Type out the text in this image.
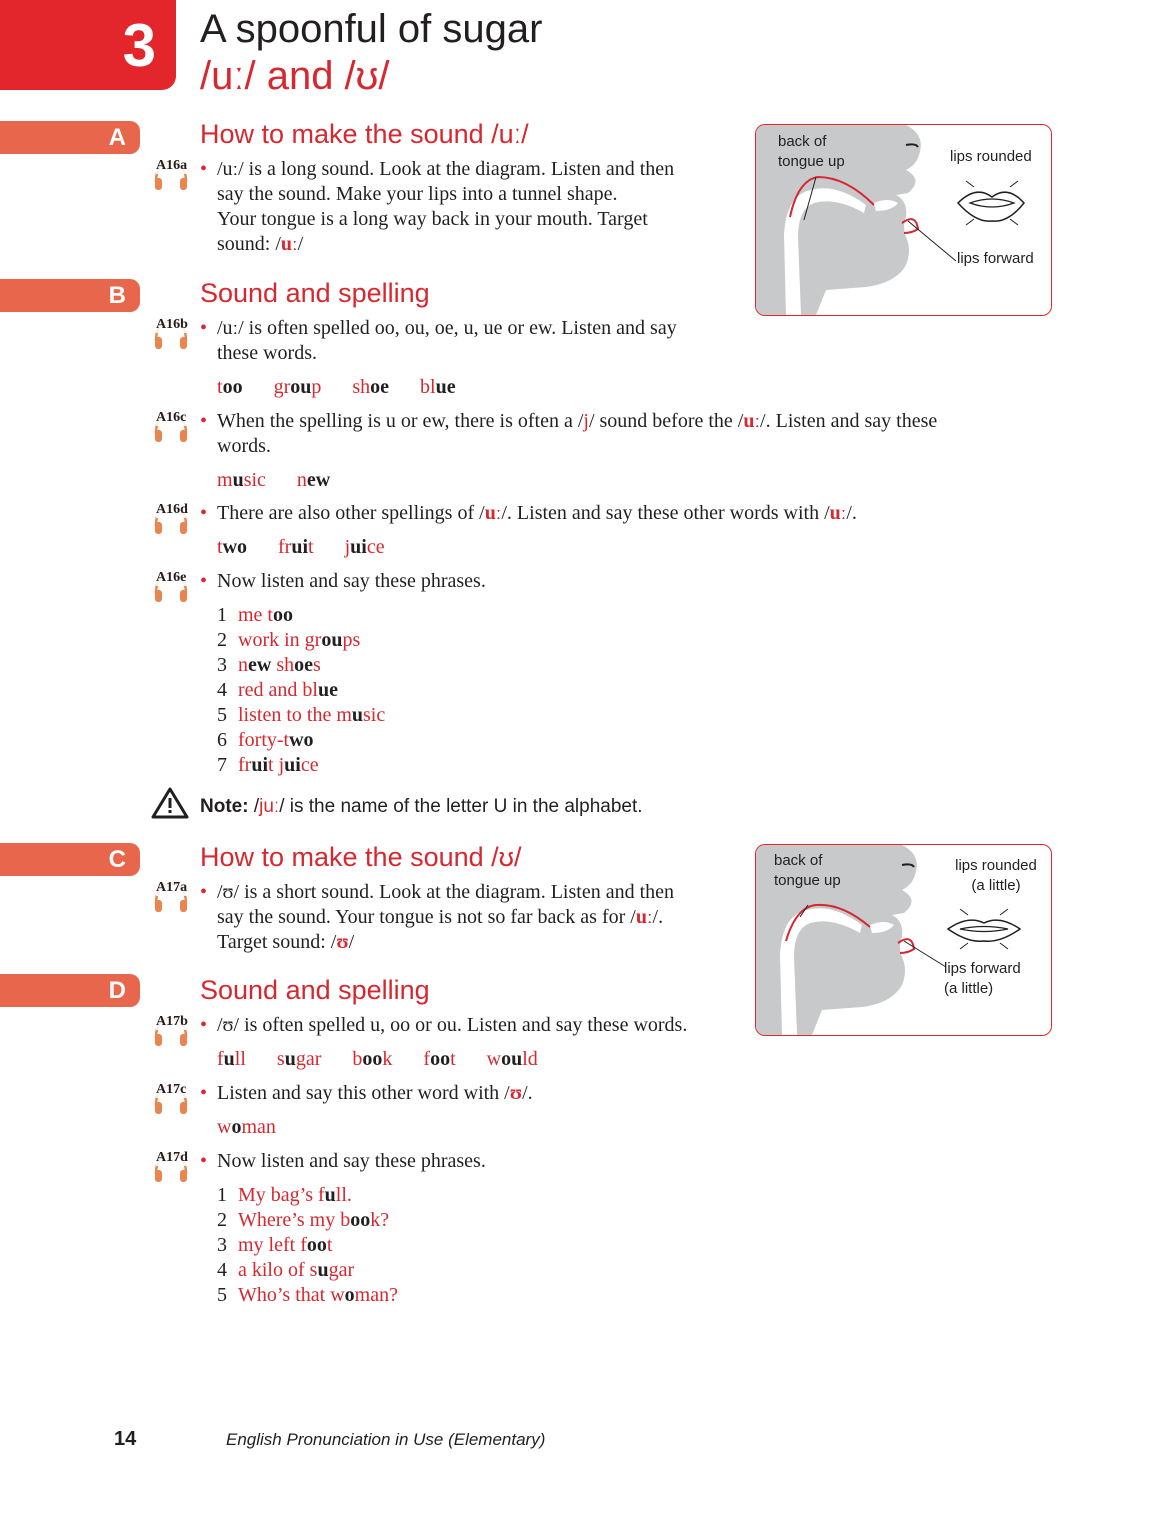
3 A spoonful of sugar
/uː/ and /ʊ/
A
B
C
D
How to make the sound /uː/
Sound and spelling
How to make the sound /ʊ/
Sound and spelling
A16a
A16b
A16c
A16d
A16e
A17a
A17b
A17c
A17d
• /uː/ is a long sound. Look at the diagram. Listen and then
say the sound. Make your lips into a tunnel shape.
Your tongue is a long way back in your mouth. Target
sound: /uː/
back of
tongue up	lips rounded
lips forward
• /uː/ is often spelled oo, ou, oe, u, ue or ew. Listen and say
these words.
too group shoe blue
• When the spelling is u or ew, there is often a /j/ sound before the /uː/. Listen and say these
words.
music new
• There are also other spellings of /uː/. Listen and say these other words with /uː/.
two fruit juice
• Now listen and say these phrases.
1 me too
2 work in groups
3 new shoes
4 red and blue
5 listen to the music
6 forty-two
7 fruit juice
Note: /juː/ is the name of the letter U in the alphabet.
• /ʊ/ is a short sound. Look at the diagram. Listen and then
say the sound. Your tongue is not so far back as for /uː/.
Target sound: /ʊ/
back of
tongue up
lips rounded
(a little)
lips forward
(a little)
• /ʊ/ is often spelled u, oo or ou. Listen and say these words.
full sugar book foot would
• Listen and say this other word with /ʊ/.
woman
• Now listen and say these phrases.
1 My bag’s full.
2 Where’s my book?
3 my left foot
4 a kilo of sugar
5 Who’s that woman?
14	English Pronunciation in Use (Elementary)
